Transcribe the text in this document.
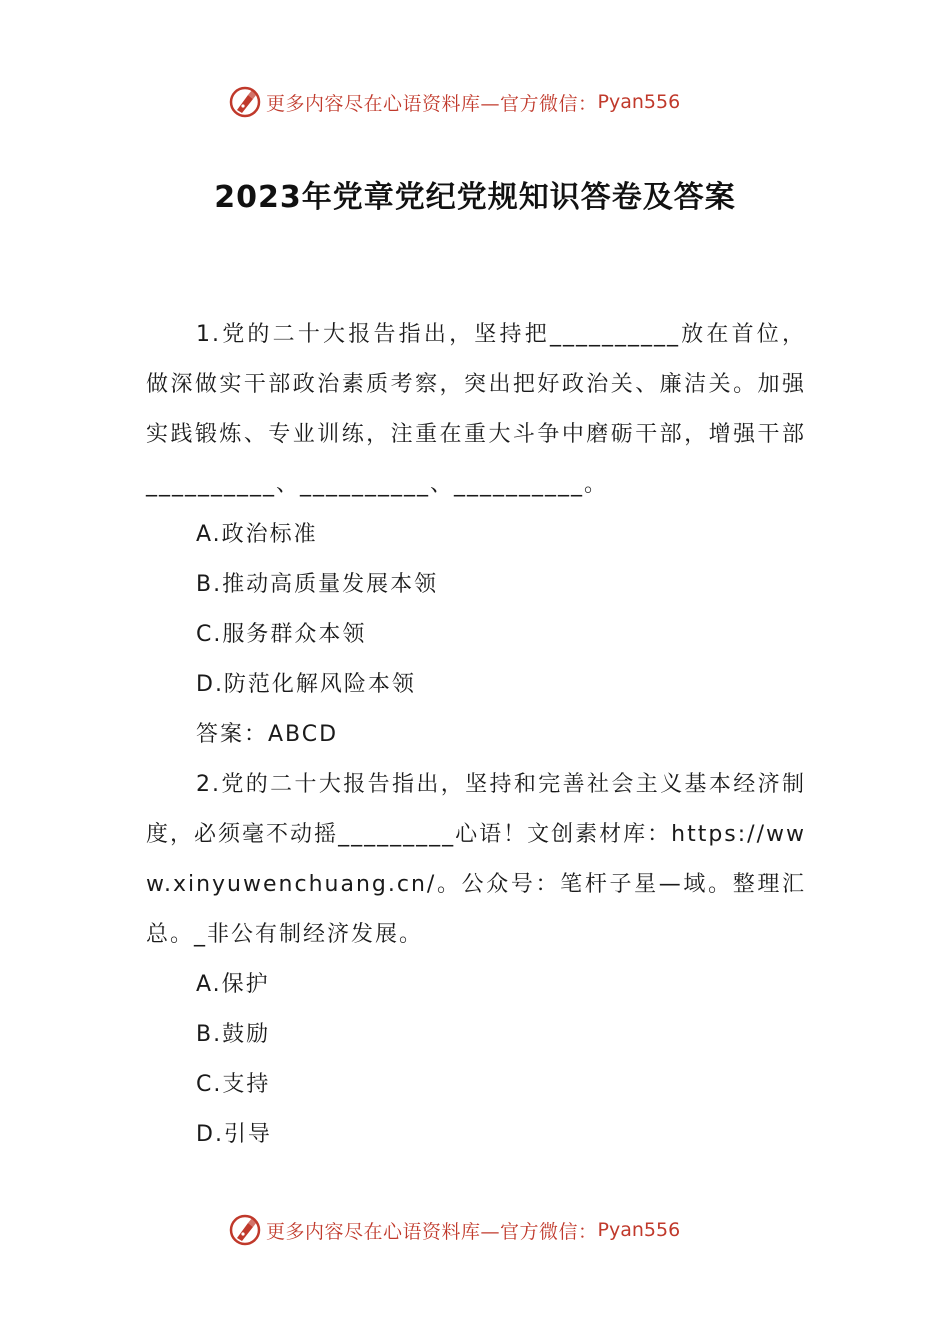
更多内容尽在心语资料库—官方微信： Pyan556
2023年党章党纪党规知识答卷及答案

1.党的二十大报告指出，坚持把__________放在首位，做深做实干部政治素质考察，突出把好政治关、廉洁关。加强实践锻炼、专业训练，注重在重大斗争中磨砺干部，增强干部__________、__________、__________。

A.政治标准

B.推动高质量发展本领

C.服务群众本领

D.防范化解风险本领

答案：ABCD

2.党的二十大报告指出，坚持和完善社会主义基本经济制度，必须毫不动摇_________心语！文创素材库：https://www.xinyuwenchuang.cn/。公众号：笔杆子星—域。整理汇总。_非公有制经济发展。

A.保护

B.鼓励

C.支持

D.引导

更多内容尽在心语资料库—官方微信： Pyan556
